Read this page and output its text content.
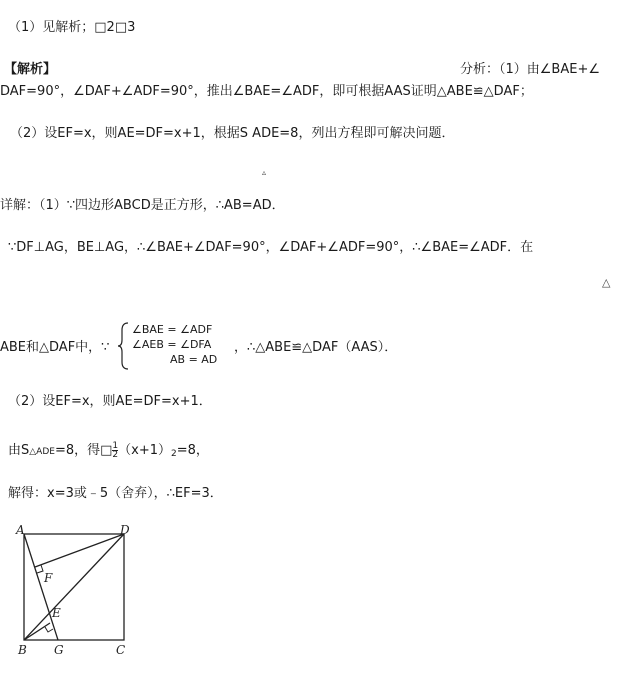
（1）见解析；□2□3
【解析】	分析：（1）由∠BAE+∠
DAF=90°，∠DAF+∠ADF=90°，推出∠BAE=∠ADF，即可根据AAS证明△ABE≌△DAF；
（2）设EF=x，则AE=DF=x+1，根据S ADE=8，列出方程即可解决问题．
▵
详解：（1）∵四边形ABCD是正方形，∴AB=AD．
∵DF⊥AG，BE⊥AG，∴∠BAE+∠DAF=90°，∠DAF+∠ADF=90°，∴∠BAE=∠ADF．在
△
ABE和△DAF中，∵
∠BAE = ∠ADF
∠AEB = ∠DFA
AB = AD
，∴△ABE≌△DAF（AAS）．
（2）设EF=x，则AE=DF=x+1．
由S△ADE=8，得□ $\frac{1}{2} (x+1)2=8$，
解得：x=3或﹣5（舍弃），∴EF=3．
A	D
F
E
B G	C
